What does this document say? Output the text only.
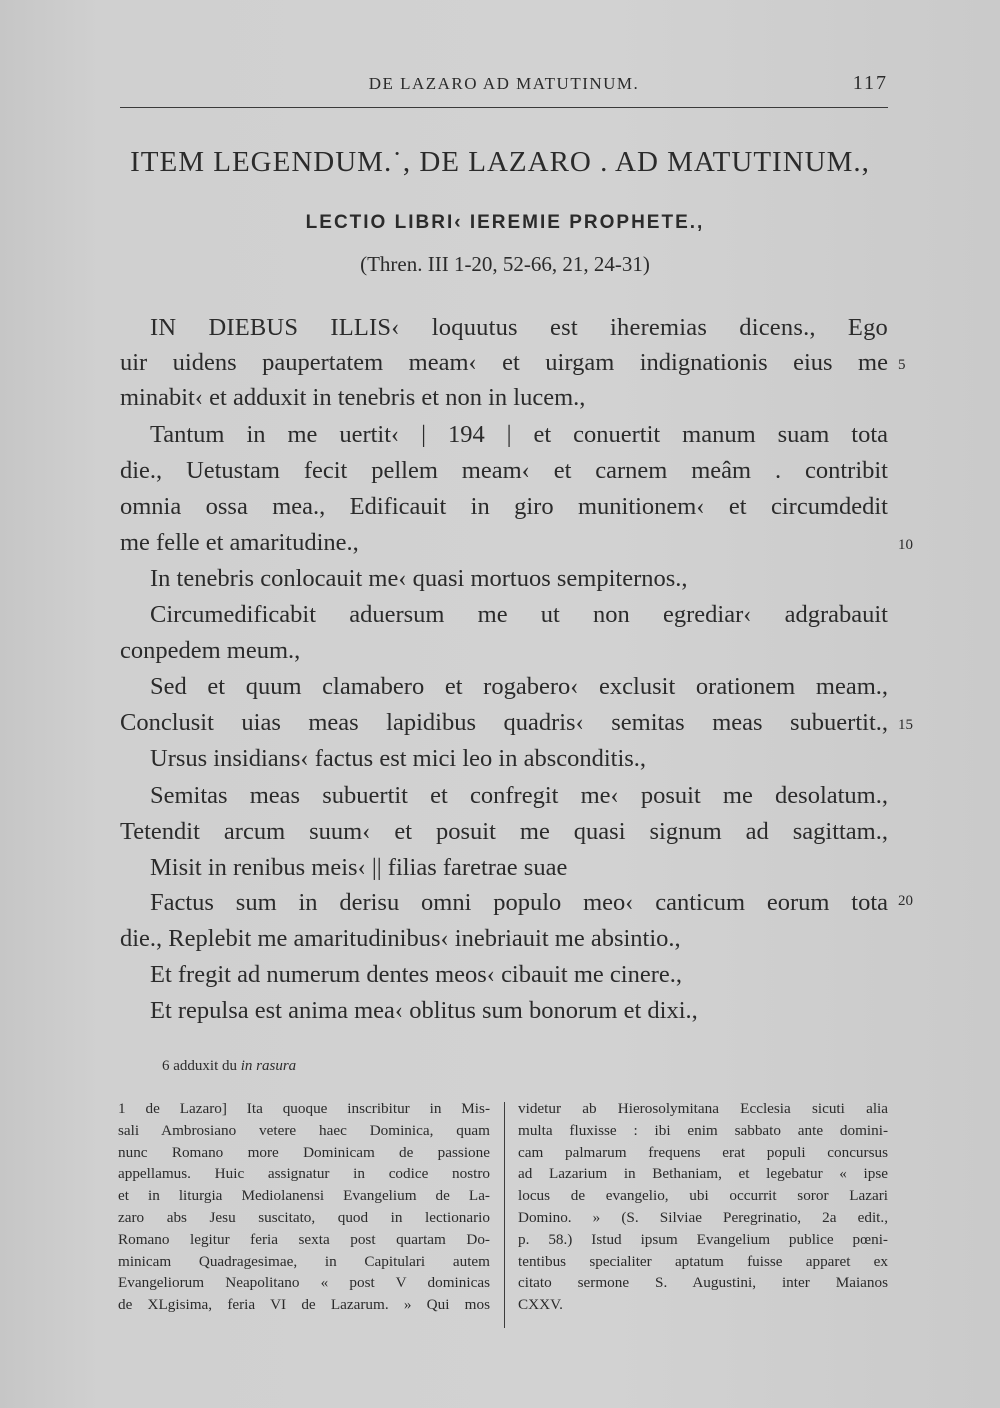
DE LAZARO AD MATUTINUM.	117
ITEM LEGENDUM.˙, DE LAZARO . AD MATUTINUM.,
LECTIO LIBRI‹ IEREMIE PROPHETE.,
(Thren. III 1-20, 52-66, 21, 24-31)
IN DIEBUS ILLIS‹ loquutus est iheremias dicens., Ego
uir uidens paupertatem meam‹ et uirgam indignationis eius me
minabit‹ et adduxit in tenebris et non in lucem.,
Tantum in me uertit‹ | 194 | et conuertit manum suam tota
die., Uetustam fecit pellem meam‹ et carnem meâm . contribit
omnia ossa mea., Edificauit in giro munitionem‹ et circumdedit
me felle et amaritudine.,
In tenebris conlocauit me‹ quasi mortuos sempiternos.,
Circumedificabit aduersum me ut non egrediar‹ adgrabauit
conpedem meum.,
Sed et quum clamabero et rogabero‹ exclusit orationem meam.,
Conclusit uias meas lapidibus quadris‹ semitas meas subuertit.,
Ursus insidians‹ factus est mici leo in absconditis.,
Semitas meas subuertit et confregit me‹ posuit me desolatum.,
Tetendit arcum suum‹ et posuit me quasi signum ad sagittam.,
Misit in renibus meis‹ || filias faretrae suae
Factus sum in derisu omni populo meo‹ canticum eorum tota
die., Replebit me amaritudinibus‹ inebriauit me absintio.,
Et fregit ad numerum dentes meos‹ cibauit me cinere.,
Et repulsa est anima mea‹ oblitus sum bonorum et dixi.,
5
10
15
20
6 adduxit du in rasura
1 de Lazaro] Ita quoque inscribitur in Mis-
sali Ambrosiano vetere haec Dominica, quam
nunc Romano more Dominicam de passione
appellamus. Huic assignatur in codice nostro
et in liturgia Mediolanensi Evangelium de La-
zaro abs Jesu suscitato, quod in lectionario
Romano legitur feria sexta post quartam Do-
minicam Quadragesimae, in Capitulari autem
Evangeliorum Neapolitano « post V dominicas
de XLgisima, feria VI de Lazarum. » Qui mos
videtur ab Hierosolymitana Ecclesia sicuti alia
multa fluxisse : ibi enim sabbato ante domini-
cam palmarum frequens erat populi concursus
ad Lazarium in Bethaniam, et legebatur « ipse
locus de evangelio, ubi occurrit soror Lazari
Domino. » (S. Silviae Peregrinatio, 2a edit.,
p. 58.) Istud ipsum Evangelium publice pœni-
tentibus specialiter aptatum fuisse apparet ex
citato sermone S. Augustini, inter Maianos
CXXV.
